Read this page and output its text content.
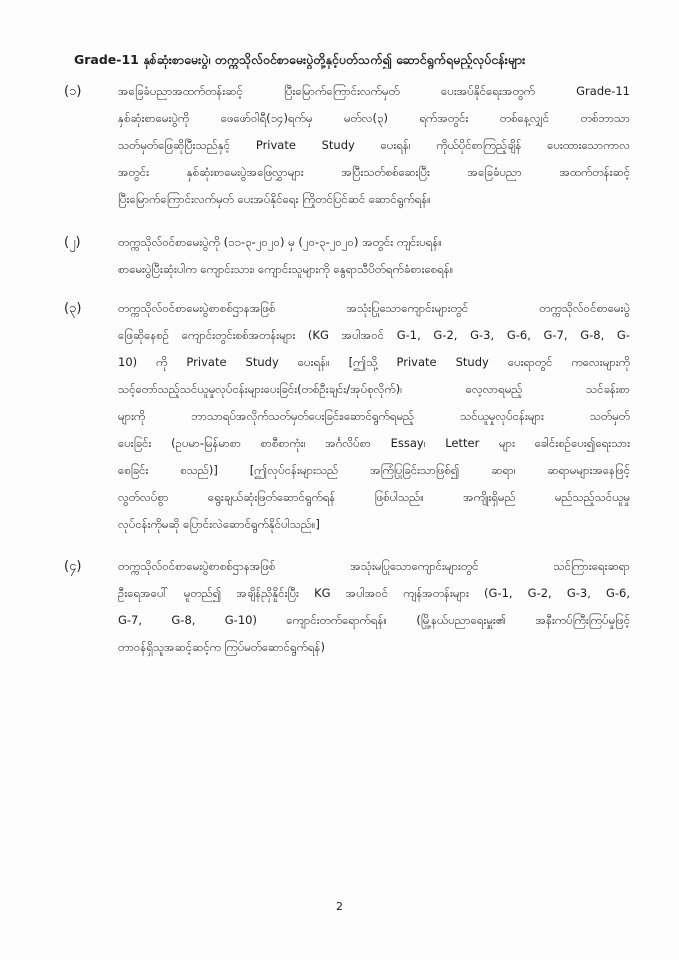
Grade-11 နှစ်ဆုံးစာမေးပွဲ၊ တက္ကသိုလ်ဝင်စာမေးပွဲတို့နှင့်ပတ်သက်၍ ဆောင်ရွက်ရမည့်လုပ်ငန်းများ
(၁)	အခြေခံပညာအထက်တန်းဆင့် ပြီးမြောက်ကြောင်းလက်မှတ် ပေးအပ်နိုင်ရေးအတွက် Grade-11
နှစ်ဆုံးစာမေးပွဲကို ဖေဖော်ဝါရီ(၁၄)ရက်မှ မတ်လ(၃) ရက်အတွင်း တစ်နေ့လျှင် တစ်ဘာသာ
သတ်မှတ်ဖြေဆိုပြီးသည်နှင့် Private Study ပေးရန်၊ ကိုယ်ပိုင်စာကြည့်ချိန် ပေးထားသောကာလ
အတွင်း နှစ်ဆုံးစာမေးပွဲအဖြေလွှာများ အပြီးသတ်စစ်ဆေးပြီး အခြေခံပညာ အထက်တန်းဆင့်
ပြီးမြောက်ကြောင်းလက်မှတ် ပေးအပ်နိုင်ရေး ကြိုတင်ပြင်ဆင် ဆောင်ရွက်ရန်။
(၂)	တက္ကသိုလ်ဝင်စာမေးပွဲကို (၁၁-၃-၂၀၂၀) မှ (၂၀-၃-၂၀၂၀) အတွင်း ကျင်းပရန်။
စာမေးပွဲပြီးဆုံးပါက ကျောင်းသား၊ ကျောင်းသူများကို နွေရာသီပိတ်ရက်ခံစားစေရန်။
(၃)	တက္ကသိုလ်ဝင်စာမေးပွဲစာစစ်ဌာနအဖြစ် အသုံးပြုသောကျောင်းများတွင် တက္ကသိုလ်ဝင်စာမေးပွဲ
ဖြေဆိုနေစဉ် ကျောင်းတွင်းစစ်အတန်းများ (KG အပါအဝင် G-1, G-2, G-3, G-6, G-7, G-8, G-
10) ကို Private Study ပေးရန်။ [ဤသို့ Private Study ပေးရာတွင် ကလေးများကို
သင့်တော်သည့်သင်ယူမှုလုပ်ငန်းများပေးခြင်း(တစ်ဦးချင်း/အုပ်စုလိုက်)၊ လေ့လာရမည့် သင်ခန်းစာ
များကို ဘာသာရပ်အလိုက်သတ်မှတ်ပေးခြင်း၊ဆောင်ရွက်ရမည့် သင်ယူမှုလုပ်ငန်းများ သတ်မှတ်
ပေးခြင်း (ဥပမာ-မြန်မာစာ စာစီစာကုံး၊ အင်္ဂလိပ်စာ Essay၊ Letter များ ခေါင်းစဉ်ပေး၍ရေးသား
စေခြင်း စသည်)] [ဤလုပ်ငန်းများသည် အကြံပြုခြင်းသာဖြစ်၍ ဆရာ၊ ဆရာမများအနေဖြင့်
လွတ်လပ်စွာ ရွေးချယ်ဆုံးဖြတ်ဆောင်ရွက်ရန် ဖြစ်ပါသည်။ အကျိုးရှိမည် မည်သည့်သင်ယူမှု
လုပ်ငန်းကိုမဆို ပြောင်းလဲဆောင်ရွက်နိုင်ပါသည်။]
(၄)	တက္ကသိုလ်ဝင်စာမေးပွဲစာစစ်ဌာနအဖြစ် အသုံးမပြုသောကျောင်းများတွင် သင်ကြားရေးဆရာ
ဦးရေအပေါ် မူတည်၍ အချိန်ညှိနှိုင်းပြီး KG အပါအဝင် ကျန်အတန်းများ (G-1, G-2, G-3, G-6,
G-7, G-8, G-10) ကျောင်းတက်ရောက်ရန်။ (မြို့နယ်ပညာရေးမှူး၏ အနီးကပ်ကြီးကြပ်မှုဖြင့်
တာဝန်ရှိသူအဆင့်ဆင့်က ကြပ်မတ်ဆောင်ရွက်ရန်)
2
